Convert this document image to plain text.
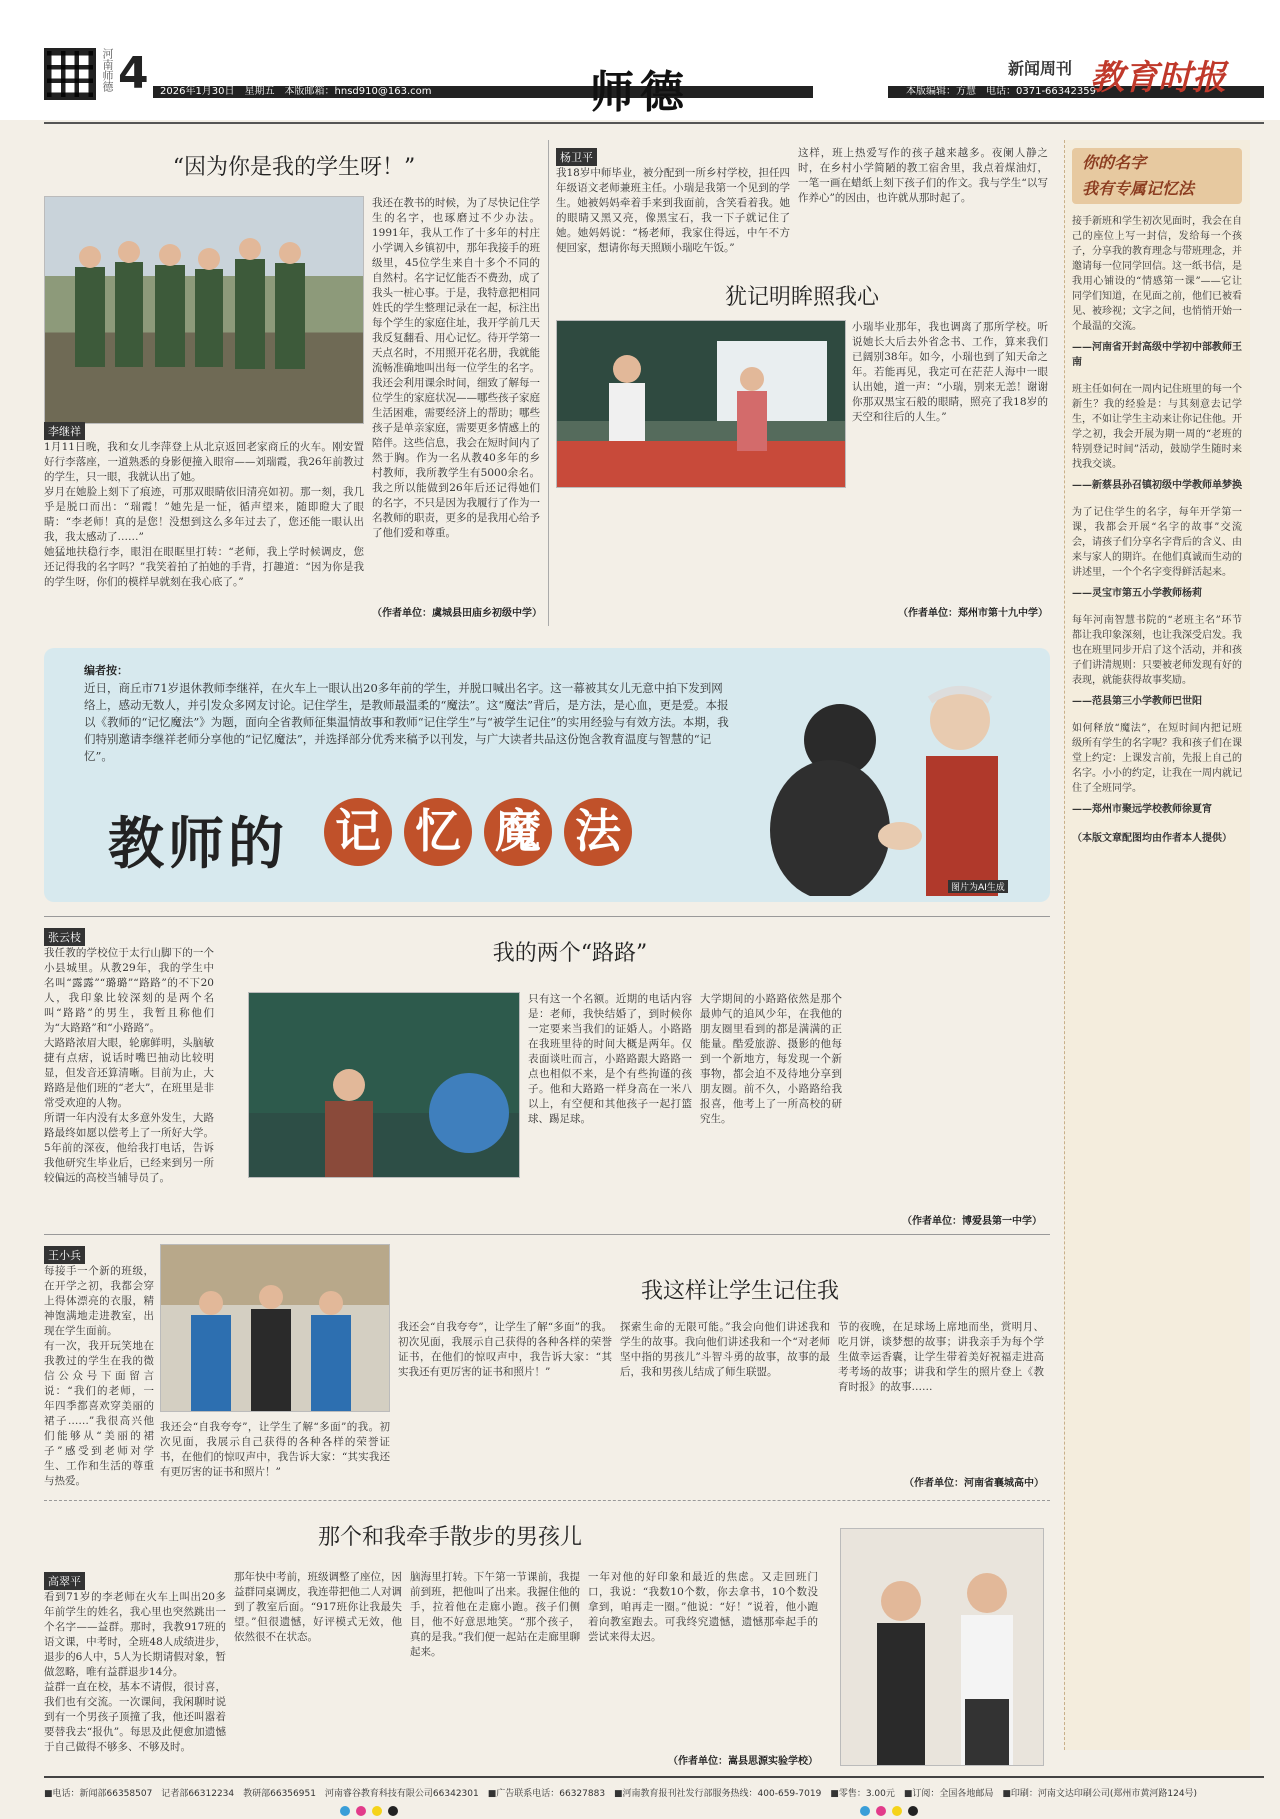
河南师德 4 2026年1月30日　星期五　本版邮箱：hnsd910@163.com	师德	本版编辑：方慧　电话：0371-66342359
新闻周刊 教育时报
“因为你是我的学生呀！”
李继祥

1月11日晚，我和女儿李萍登上从北京返回老家商丘的火车。刚安置好行李落座，一道熟悉的身影便撞入眼帘——刘瑞霞，我26年前教过的学生，只一眼，我就认出了她。

岁月在她脸上刻下了痕迹，可那双眼睛依旧清亮如初。那一刻，我几乎是脱口而出：“瑞霞！”她先是一怔，循声望来，随即瞪大了眼睛：“李老师！真的是您！没想到这么多年过去了，您还能一眼认出我，我太感动了……”

她猛地扶稳行李，眼泪在眼眶里打转：“老师，我上学时候调皮，您还记得我的名字吗？”我笑着拍了拍她的手背，打趣道：“因为你是我的学生呀，你们的模样早就刻在我心底了。”

我还在教书的时候，为了尽快记住学生的名字，也琢磨过不少办法。1991年，我从工作了十多年的村庄小学调入乡镇初中，那年我接手的班级里，45位学生来自十多个不同的自然村。名字记忆能否不费劲，成了我头一桩心事。于是，我特意把相同姓氏的学生整理记录在一起，标注出每个学生的家庭住址，我开学前几天我反复翻看、用心记忆。待开学第一天点名时，不用照开花名册，我就能流畅准确地叫出每一位学生的名字。

我还会利用课余时间，细致了解每一位学生的家庭状况——哪些孩子家庭生活困难，需要经济上的帮助；哪些孩子是单亲家庭，需要更多情感上的陪伴。这些信息，我会在短时间内了然于胸。作为一名从教40多年的乡村教师，我所教学生有5000余名。我之所以能做到26年后还记得她们的名字，不只是因为我履行了作为一名教师的职责，更多的是我用心给予了他们爱和尊重。

（作者单位：虞城县田庙乡初级中学）
杨卫平

我18岁中师毕业，被分配到一所乡村学校，担任四年级语文老师兼班主任。小瑞是我第一个见到的学生。她被妈妈牵着手来到我面前，含笑看着我。她的眼睛又黑又亮，像黑宝石，我一下子就记住了她。她妈妈说：“杨老师，我家住得远，中午不方便回家，想请你每天照顾小瑞吃午饭。”

这样，班上热爱写作的孩子越来越多。夜阑人静之时，在乡村小学简陋的教工宿舍里，我点着煤油灯，一笔一画在蜡纸上刻下孩子们的作文。我与学生“以写作养心”的因由，也许就从那时起了。

犹记明眸照我心

小瑞毕业那年，我也调离了那所学校。听说她长大后去外省念书、工作，算来我们已阔别38年。如今，小瑞也到了知天命之年。若能再见，我定可在茫茫人海中一眼认出她，道一声：“小瑞，别来无恙！谢谢你那双黑宝石般的眼睛，照亮了我18岁的天空和往后的人生。”

（作者单位：郑州市第十九中学）
你的名字
我有专属记忆法

接手新班和学生初次见面时，我会在自己的座位上写一封信，发给每一个孩子，分享我的教育理念与带班理念，并邀请每一位同学回信。这一纸书信，是我用心铺设的“情感第一课”——它让同学们知道，在见面之前，他们已被看见、被珍视；文字之间，也悄悄开始一个最温的交流。

——河南省开封高级中学初中部教师王南

班主任如何在一周内记住班里的每一个新生？我的经验是：与其刻意去记学生，不如让学生主动来让你记住他。开学之初，我会开展为期一周的“老班的特别登记时间”活动，鼓励学生随时来找我交谈。

——新蔡县孙召镇初级中学教师单梦换

为了记住学生的名字，每年开学第一课，我都会开展“名字的故事”交流会，请孩子们分享名字背后的含义、由来与家人的期许。在他们真诚而生动的讲述里，一个个名字变得鲜活起来。

——灵宝市第五小学教师杨莉

每年河南智慧书院的“老班主名”环节都让我印象深刻，也让我深受启发。我也在班里同步开启了这个活动，并和孩子们讲清规则：只要被老师发现有好的表现，就能获得故事奖励。

——范县第三小学教师巴世阳

如何释放“魔法”，在短时间内把记班级所有学生的名字呢？我和孩子们在课堂上约定：上课发言前，先报上自己的名字。小小的约定，让我在一周内就记住了全班同学。

——郑州市聚远学校教师徐夏宵

（本版文章配图均由作者本人提供）

编者按：
近日，商丘市71岁退休教师李继祥，在火车上一眼认出20多年前的学生，并脱口喊出名字。这一幕被其女儿无意中拍下发到网络上，感动无数人，并引发众多网友讨论。记住学生，是教师最温柔的“魔法”。这“魔法”背后，是方法，是心血，更是爱。本报以《教师的“记忆魔法”》为题，面向全省教师征集温情故事和教师“记住学生”与“被学生记住”的实用经验与有效方法。本期，我们特别邀请李继祥老师分享他的“记忆魔法”，并选择部分优秀来稿予以刊发，与广大读者共品这份饱含教育温度与智慧的“记忆”。
教师的 记 忆 魔 法
图片为AI生成
张云枝
我的两个“路路”

我任教的学校位于太行山脚下的一个小县城里。从教29年，我的学生中名叫“露露”“璐璐”“路路”的不下20人，我印象比较深刻的是两个名叫“路路”的男生，我暂且称他们为“大路路”和“小路路”。

大路路浓眉大眼，轮廓鲜明，头脑敏捷有点痞，说话时嘴巴抽动比较明显，但发音还算清晰。目前为止，大路路是他们班的“老大”，在班里是非常受欢迎的人物。

所谓一年内没有太多意外发生，大路路最终如愿以偿考上了一所好大学。5年前的深夜，他给我打电话，告诉我他研究生毕业后，已经来到另一所较偏远的高校当辅导员了。

只有这一个名额。近期的电话内容是：老师，我快结婚了，到时候你一定要来当我们的证婚人。小路路在我班里待的时间大概是两年。仅表面谈吐而言，小路路跟大路路一点也相似不来，是个有些拘谨的孩子。他和大路路一样身高在一米八以上，有空便和其他孩子一起打篮球、踢足球。

大学期间的小路路依然是那个最帅气的追风少年，在我他的朋友圈里看到的都是满满的正能量。酷爱旅游、摄影的他每到一个新地方，每发现一个新事物，都会迫不及待地分享到朋友圈。前不久，小路路给我报喜，他考上了一所高校的研究生。

（作者单位：博爱县第一中学）
王小兵

每接手一个新的班级，在开学之初，我都会穿上得体漂亮的衣服，精神饱满地走进教室，出现在学生面前。

有一次，我开玩笑地在我教过的学生在我的微信公众号下面留言说：“我们的老师，一年四季都喜欢穿美丽的裙子……”我很高兴他们能够从“美丽的裙子”感受到老师对学生、工作和生活的尊重与热爱。

我这样让学生记住我

我还会“自我夸夸”，让学生了解“多面”的我。初次见面，我展示自己获得的各种各样的荣誉证书，在他们的惊叹声中，我告诉大家：“其实我还有更厉害的证书和照片！”

我还会“自我夸夸”，让学生了解“多面”的我。初次见面，我展示自己获得的各种各样的荣誉证书，在他们的惊叹声中，我告诉大家：“其实我还有更厉害的证书和照片！”

探索生命的无限可能。”我会向他们讲述我和学生的故事。我向他们讲述我和一个“对老师坚中指的男孩儿”斗智斗勇的故事，故事的最后，我和男孩儿结成了师生联盟。

节的夜晚，在足球场上席地而坐，赏明月、吃月饼，谈梦想的故事；讲我亲手为每个学生做幸运香囊，让学生带着美好祝福走进高考考场的故事；讲我和学生的照片登上《教育时报》的故事……

（作者单位：河南省襄城高中）
那个和我牵手散步的男孩儿
高翠平

看到71岁的李老师在火车上叫出20多年前学生的姓名，我心里也突然跳出一个名字——益群。那时，我教917班的语文课，中考时，全班48人成绩进步，退步的6人中，5人为长期请假对象，暂做忽略，唯有益群退步14分。

益群一直在校，基本不请假，很讨喜，我们也有交流。一次课间，我闲聊时说到有一个男孩子顶撞了我，他还叫嚣着要替我去“报仇”。每思及此便愈加遗憾于自己做得不够多、不够及时。

那年快中考前，班级调整了座位，因益群同桌调皮，我连带把他二人对调到了教室后面。“917班你让我最失望。”但很遗憾，好评模式无效，他依然很不在状态。

脑海里打转。下午第一节课前，我提前到班，把他叫了出来。我握住他的手，拉着他在走廊小跑。孩子们侧目，他不好意思地笑。“那个孩子，真的是我。”我们便一起站在走廊里聊起来。

一年对他的好印象和最近的焦虑。又走回班门口，我说：“我数10个数，你去拿书，10个数没拿到，咱再走一圈。”他说：“好！”说着，他小跑着向教室跑去。可我终究遗憾，遗憾那牵起手的尝试来得太迟。

（作者单位：嵩县思源实验学校）
■电话：新闻部66358507　记者部66312234　教研部66356951　河南睿谷教育科技有限公司66342301　■广告联系电话：66327883　■河南教育报刊社发行部服务热线：400-659-7019　■零售：3.00元　■订阅：全国各地邮局　■印刷：河南文达印刷公司(郑州市黄河路124号)
